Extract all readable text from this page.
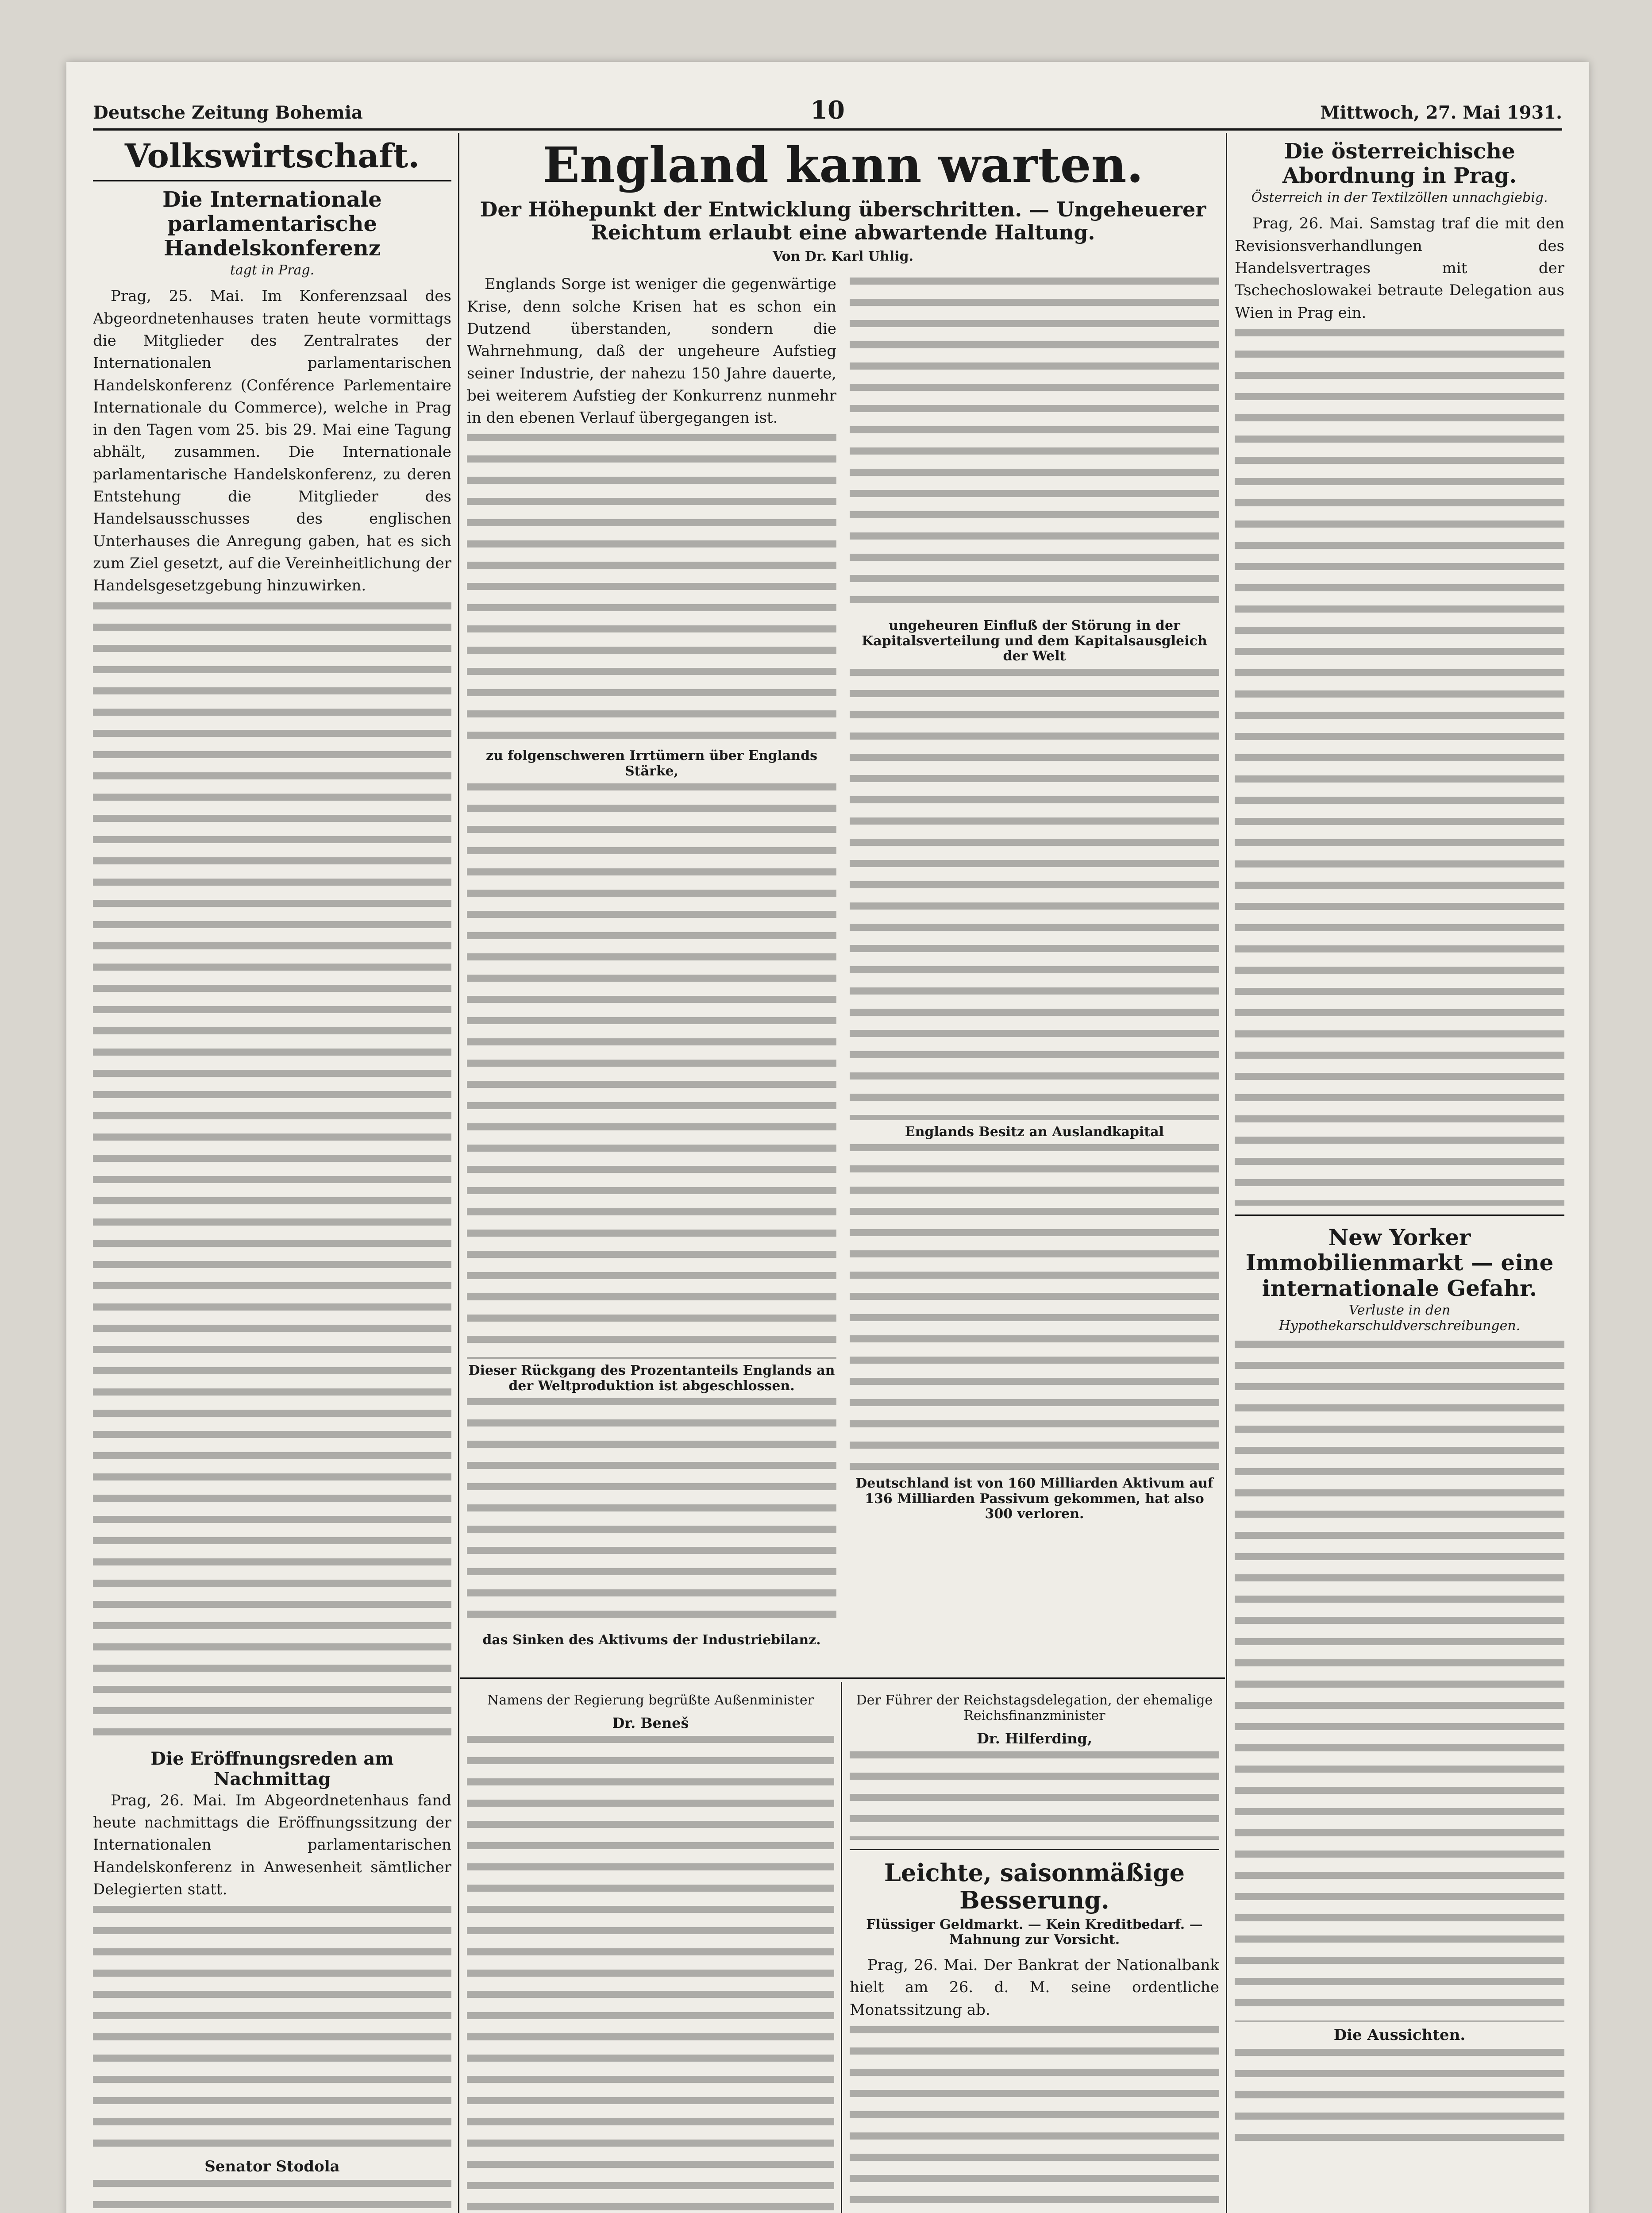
Deutsche Zeitung Bohemia	10	Mittwoch, 27. Mai 1931.
Volkswirtschaft.
Die Internationale parlamentarische Handelskonferenz
tagt in Prag.

Prag, 25. Mai. Im Konferenzsaal des Abgeordnetenhauses traten heute vormittags die Mitglieder des Zentralrates der Internationalen parlamentarischen Handelskonferenz (Conférence Parlementaire Internationale du Commerce), welche in Prag in den Tagen vom 25. bis 29. Mai eine Tagung abhält, zusammen. Die Internationale parlamentarische Handelskonferenz, zu deren Entstehung die Mitglieder des Handelsausschusses des englischen Unterhauses die Anregung gaben, hat es sich zum Ziel gesetzt, auf die Vereinheitlichung der Handelsgesetzgebung hinzuwirken.

Die Eröffnungsreden am Nachmittag

Prag, 26. Mai. Im Abgeordnetenhaus fand heute nachmittags die Eröffnungssitzung der Internationalen parlamentarischen Handelskonferenz in Anwesenheit sämtlicher Delegierten statt.

Senator Stodola
England kann warten.
Der Höhepunkt der Entwicklung überschritten. — Ungeheuerer Reichtum erlaubt eine abwartende Haltung.
Von Dr. Karl Uhlig.

Englands Sorge ist weniger die gegenwärtige Krise, denn solche Krisen hat es schon ein Dutzend überstanden, sondern die Wahrnehmung, daß der ungeheure Aufstieg seiner Industrie, der nahezu 150 Jahre dauerte, bei weiterem Aufstieg der Konkurrenz nunmehr in den ebenen Verlauf übergegangen ist.

zu folgenschweren Irrtümern über Englands Stärke,
Dieser Rückgang des Prozentanteils Englands an der Weltproduktion ist abgeschlossen.
das Sinken des Aktivums der Industriebilanz.
ungeheuren Einfluß der Störung in der Kapitalsverteilung und dem Kapitalsausgleich der Welt
Englands Besitz an Auslandkapital
Deutschland ist von 160 Milliarden Aktivum auf 136 Milliarden Passivum gekommen, hat also 300 verloren.
Namens der Regierung begrüßte Außenminister
Dr. Beneš
Der Führer der Reichstagsdelegation, der ehemalige Reichsfinanzminister
Dr. Hilferding,
Leichte, saisonmäßige Besserung.
Flüssiger Geldmarkt. — Kein Kreditbedarf. — Mahnung zur Vorsicht.

Prag, 26. Mai. Der Bankrat der Nationalbank hielt am 26. d. M. seine ordentliche Monatssitzung ab.

Die österreichische Abordnung in Prag.
Österreich in der Textilzöllen unnachgiebig.

Prag, 26. Mai. Samstag traf die mit den Revisionsverhandlungen des Handelsvertrages mit der Tschechoslowakei betraute Delegation aus Wien in Prag ein.

New Yorker Immobilienmarkt — eine internationale Gefahr.
Verluste in den Hypothekarschuldverschreibungen.
Die Aussichten.
